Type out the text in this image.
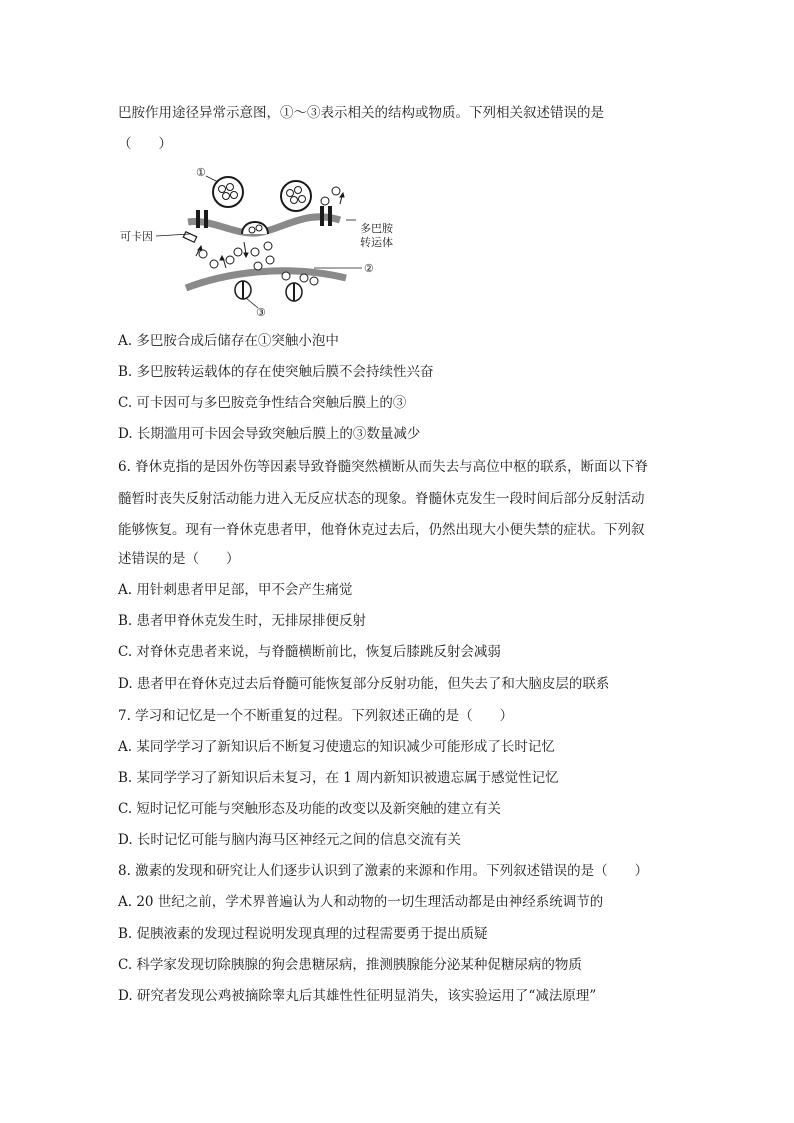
巴胺作用途径异常示意图，①～③表示相关的结构或物质。下列相关叙述错误的是
（　　）
①
可卡因
多巴胺
转运体
②
③
A. 多巴胺合成后储存在①突触小泡中
B. 多巴胺转运载体的存在使突触后膜不会持续性兴奋
C. 可卡因可与多巴胺竞争性结合突触后膜上的③
D. 长期滥用可卡因会导致突触后膜上的③数量减少
6. 脊休克指的是因外伤等因素导致脊髓突然横断从而失去与高位中枢的联系，断面以下脊
髓暂时丧失反射活动能力进入无反应状态的现象。脊髓休克发生一段时间后部分反射活动
能够恢复。现有一脊休克患者甲，他脊休克过去后，仍然出现大小便失禁的症状。下列叙
述错误的是（　　）
A. 用针刺患者甲足部，甲不会产生痛觉
B. 患者甲脊休克发生时，无排尿排便反射
C. 对脊休克患者来说，与脊髓横断前比，恢复后膝跳反射会减弱
D. 患者甲在脊休克过去后脊髓可能恢复部分反射功能，但失去了和大脑皮层的联系
7. 学习和记忆是一个不断重复的过程。下列叙述正确的是（　　）
A. 某同学学习了新知识后不断复习使遗忘的知识减少可能形成了长时记忆
B. 某同学学习了新知识后未复习，在 1 周内新知识被遗忘属于感觉性记忆
C. 短时记忆可能与突触形态及功能的改变以及新突触的建立有关
D. 长时记忆可能与脑内海马区神经元之间的信息交流有关
8. 激素的发现和研究让人们逐步认识到了激素的来源和作用。下列叙述错误的是（　　）
A. 20 世纪之前，学术界普遍认为人和动物的一切生理活动都是由神经系统调节的
B. 促胰液素的发现过程说明发现真理的过程需要勇于提出质疑
C. 科学家发现切除胰腺的狗会患糖尿病，推测胰腺能分泌某种促糖尿病的物质
D. 研究者发现公鸡被摘除睾丸后其雄性性征明显消失，该实验运用了“减法原理”
